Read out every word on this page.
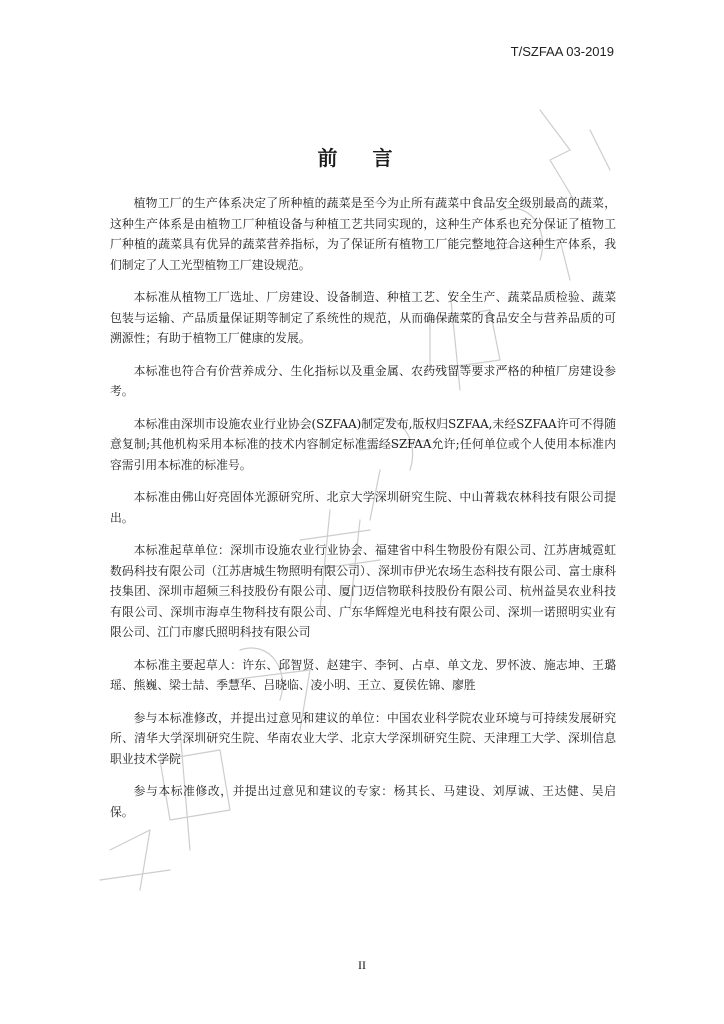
T/SZFAA 03-2019
前 言

植物工厂的生产体系决定了所种植的蔬菜是至今为止所有蔬菜中食品安全级别最高的蔬菜，这种生产体系是由植物工厂种植设备与种植工艺共同实现的，这种生产体系也充分保证了植物工厂种植的蔬菜具有优异的蔬菜营养指标，为了保证所有植物工厂能完整地符合这种生产体系，我们制定了人工光型植物工厂建设规范。

本标准从植物工厂选址、厂房建设、设备制造、种植工艺、安全生产、蔬菜品质检验、蔬菜包装与运输、产品质量保证期等制定了系统性的规范，从而确保蔬菜的食品安全与营养品质的可溯源性；有助于植物工厂健康的发展。

本标准也符合有价营养成分、生化指标以及重金属、农药残留等要求严格的种植厂房建设参考。

本标准由深圳市设施农业行业协会(SZFAA)制定发布,版权归SZFAA,未经SZFAA许可不得随意复制;其他机构采用本标准的技术内容制定标准需经SZFAA允许;任何单位或个人使用本标准内容需引用本标准的标准号。

本标准由佛山好亮固体光源研究所、北京大学深圳研究生院、中山菁栽农林科技有限公司提出。

本标准起草单位：深圳市设施农业行业协会、福建省中科生物股份有限公司、江苏唐城霓虹数码科技有限公司（江苏唐城生物照明有限公司）、深圳市伊光农场生态科技有限公司、富士康科技集团、深圳市超频三科技股份有限公司、厦门迈信物联科技股份有限公司、杭州益昊农业科技有限公司、深圳市海卓生物科技有限公司、广东华辉煌光电科技有限公司、深圳一诺照明实业有限公司、江门市廖氏照明科技有限公司

本标准主要起草人：许东、邱智贤、赵建宇、李钶、占卓、单文龙、罗怀波、施志坤、王璐瑶、熊巍、梁士喆、季慧华、吕晓临、凌小明、王立、夏侯佐锦、廖胜

参与本标准修改，并提出过意见和建议的单位：中国农业科学院农业环境与可持续发展研究所、清华大学深圳研究生院、华南农业大学、北京大学深圳研究生院、天津理工大学、深圳信息职业技术学院

参与本标准修改，并提出过意见和建议的专家：杨其长、马建设、刘厚诚、王达健、吴启保。

II
